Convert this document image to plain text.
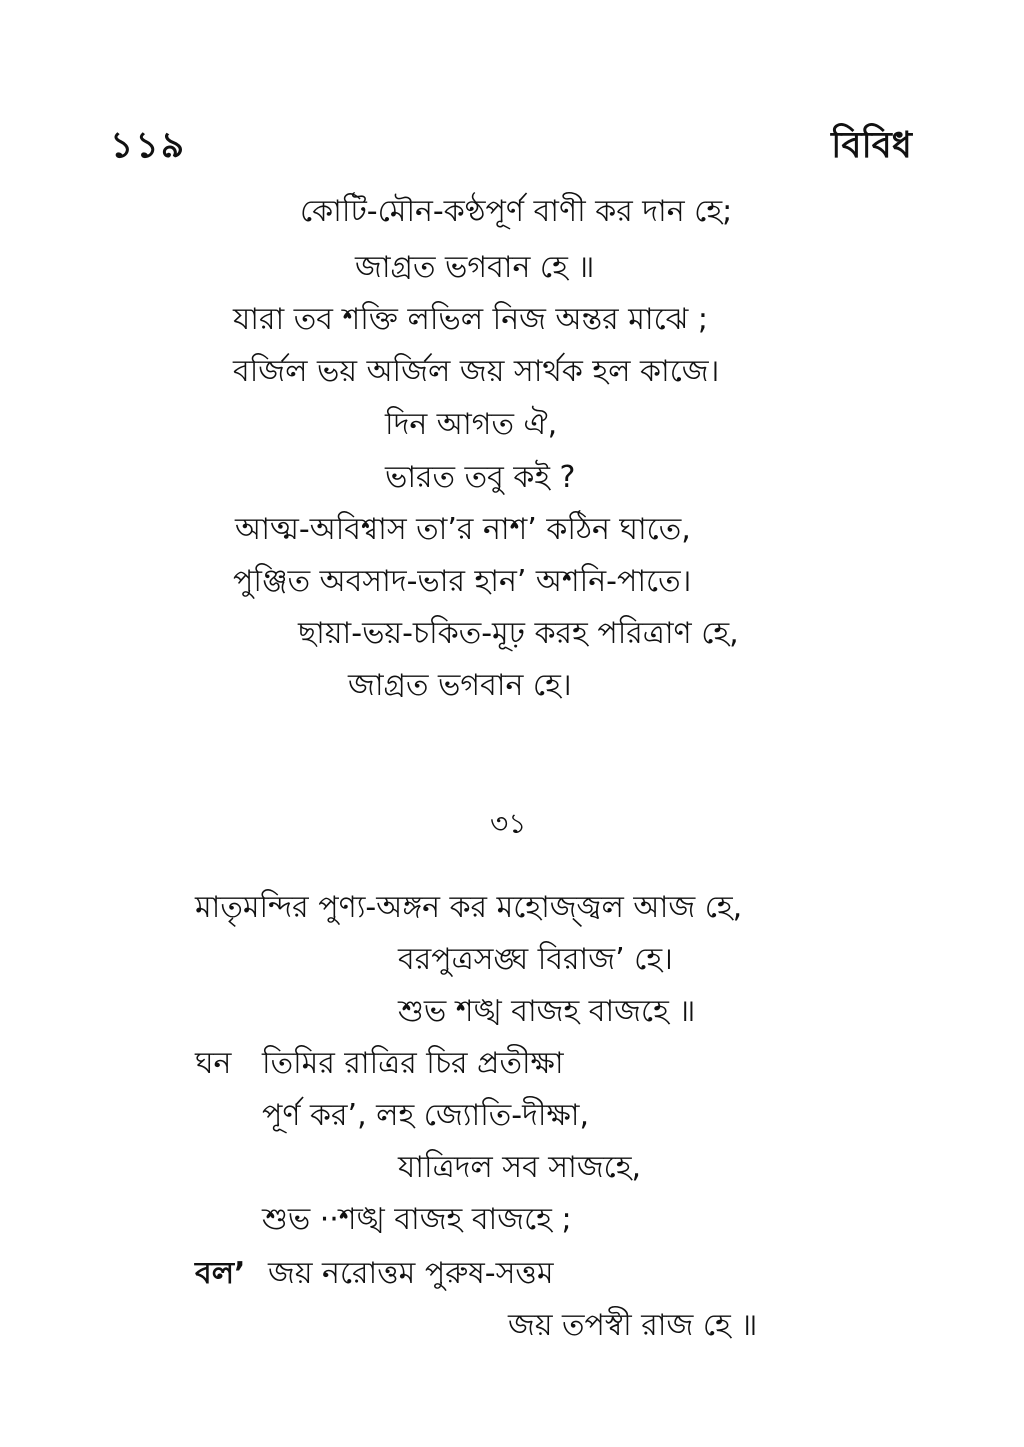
১১৯	বিবিধ
কোটি-মৌন-কণ্ঠপূর্ণ বাণী কর দান হে;
জাগ্রত ভগবান হে ॥
যারা তব শক্তি লভিল নিজ অন্তর মাঝে ;
বর্জিল ভয় অর্জিল জয় সার্থক হল কাজে।
দিন আগত ঐ,
ভারত তবু কই ?
আত্ম-অবিশ্বাস তা’র নাশ’ কঠিন ঘাতে,
পুঞ্জিত অবসাদ-ভার হান’ অশনি-পাতে।
ছায়া-ভয়-চকিত-মূঢ় করহ পরিত্রাণ হে,
জাগ্রত ভগবান হে।
৩১
মাতৃমন্দির পুণ্য-অঙ্গন কর মহোজ্জ্বল আজ হে,
বরপুত্রসঙ্ঘ বিরাজ’ হে।
শুভ শঙ্খ বাজহ বাজহে ॥
ঘন তিমির রাত্রির চির প্রতীক্ষা
পূর্ণ কর’, লহ জ্যোতি-দীক্ষা,
যাত্রিদল সব সাজহে,
শুভ ··শঙ্খ বাজহ বাজহে ;
বল’ জয় নরোত্তম পুরুষ-সত্তম
জয় তপস্বী রাজ হে ॥
